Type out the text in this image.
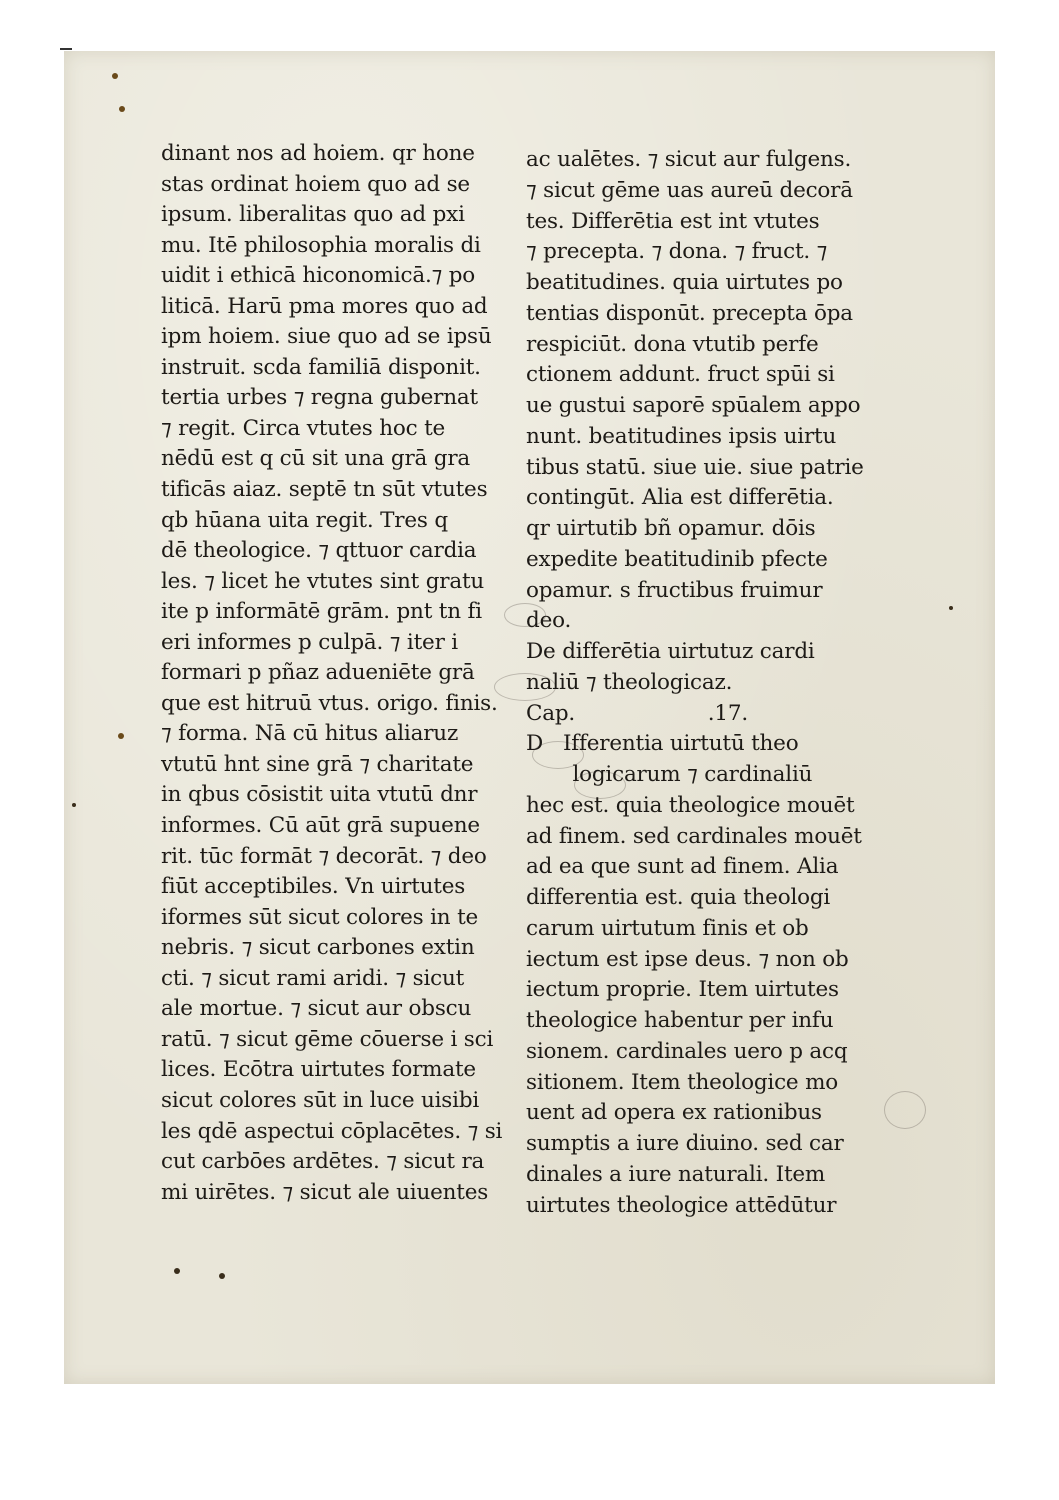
dinant nos ad hoiem. qr hone
stas ordinat hoiem quo ad se
ipsum. liberalitas quo ad pxi
mu. Itē philosophia moralis di
uidit i ethicā hiconomicā.⁊ po
liticā. Harū pma mores quo ad
ipm hoiem. siue quo ad se ipsū
instruit. scda familiā disponit.
tertia urbes ⁊ regna gubernat
⁊ regit. Circa vtutes hoc te
nēdū est q cū sit una grā gra
tificās aiaz. septē tn sūt vtutes
qb hūana uita regit. Tres q
dē theologice. ⁊ qttuor cardia
les. ⁊ licet he vtutes sint gratu
ite p informātē grām. pnt tn fi
eri informes p culpā. ⁊ iter i
formari p pñaz adueniēte grā
que est hitruū vtus. origo. finis.
⁊ forma. Nā cū hitus aliaruz
vtutū hnt sine grā ⁊ charitate
in qbus cōsistit uita vtutū dnr
informes. Cū aūt grā supuene
rit. tūc formāt ⁊ decorāt. ⁊ deo
fiūt acceptibiles. Vn uirtutes
iformes sūt sicut colores in te
nebris. ⁊ sicut carbones extin
cti. ⁊ sicut rami aridi. ⁊ sicut
ale mortue. ⁊ sicut aur obscu
ratū. ⁊ sicut gēme cōuerse i sci
lices. Ecōtra uirtutes formate
sicut colores sūt in luce uisibi
les qdē aspectui cōplacētes. ⁊ si
cut carbōes ardētes. ⁊ sicut ra
mi uirētes. ⁊ sicut ale uiuentes
ac ualētes. ⁊ sicut aur fulgens.
⁊ sicut gēme uas aureū decorā
tes. Differētia est int vtutes
⁊ precepta. ⁊ dona. ⁊ fruct. ⁊
beatitudines. quia uirtutes po
tentias disponūt. precepta ōpa
respiciūt. dona vtutib perfe
ctionem addunt. fruct spūi si
ue gustui saporē spūalem appo
nunt. beatitudines ipsis uirtu
tibus statū. siue uie. siue patrie
contingūt. Alia est differētia.
qr uirtutib bñ opamur. dōis
expedite beatitudinib pfecte
opamur. s fructibus fruimur
deo.
De differētia uirtutuz cardi
naliū ⁊ theologicaz.
Cap.                    .17.
D   Ifferentia uirtutū theo
logicarum ⁊ cardinaliū
hec est. quia theologice mouēt
ad finem. sed cardinales mouēt
ad ea que sunt ad finem. Alia
differentia est. quia theologi
carum uirtutum finis et ob
iectum est ipse deus. ⁊ non ob
iectum proprie. Item uirtutes
theologice habentur per infu
sionem. cardinales uero p acq
sitionem. Item theologice mo
uent ad opera ex rationibus
sumptis a iure diuino. sed car
dinales a iure naturali. Item
uirtutes theologice attēdūtur
